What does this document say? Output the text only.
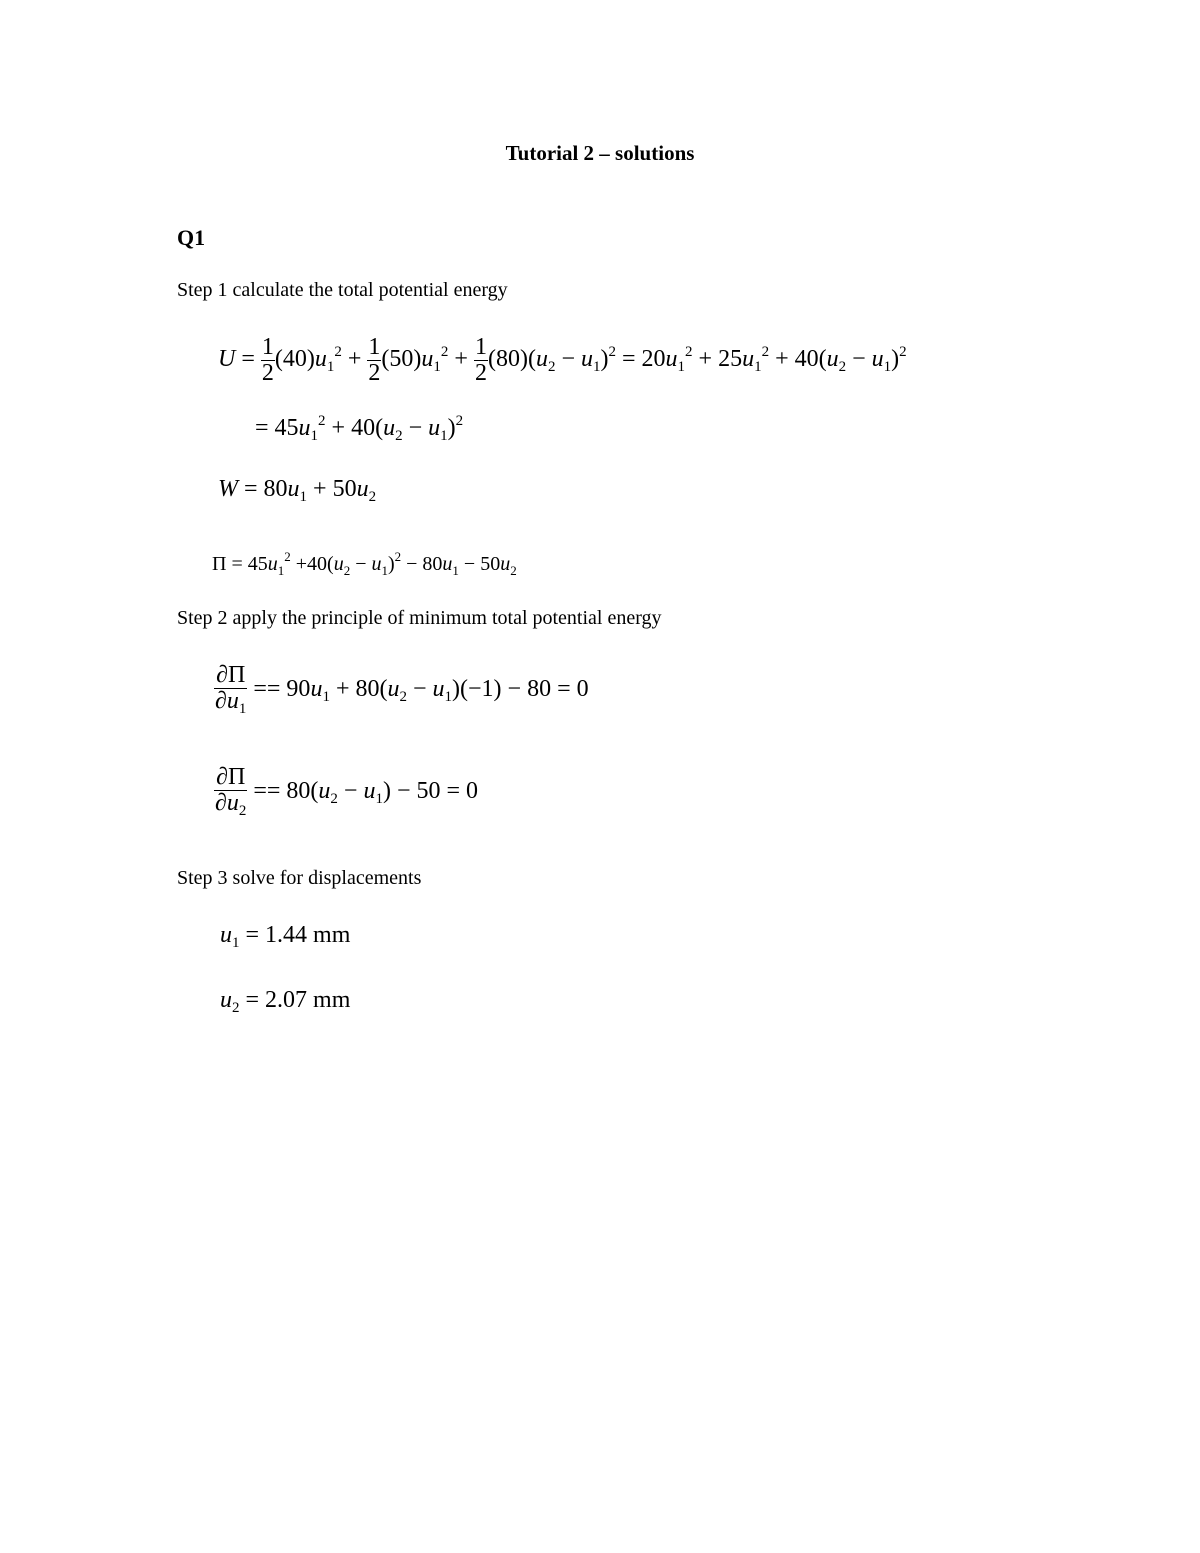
Tutorial 2 – solutions
Q1
Step 1 calculate the total potential energy
$U = \frac{1}{2} (40)u_1^2 + \frac{1}{2} (50)u_1^2 + \frac{1}{2} (80)(u_2 - u_1)^2 = 20u_1^2 + 25u_1^2 + 40(u_2 - u_1)^2$
= $45u_1^2 + 40(u_2 - u_1)^2$
$W = 80u_1 + 50u_2$
$\Pi = 45u_1^2 +40(u_2 - u_1)^2 - 80u_1 - 50u_2$
Step 2 apply the principle of minimum total potential energy
$\frac{\partial\Pi}{\partial u_1} == 90u_1 + 80(u_2 - u_1)(-1) - 80 = 0$
$\frac{\partial\Pi}{\partial u_2} == 80(u_2 - u_1) - 50 = 0$
Step 3 solve for displacements
$u_1 = 1.44$ mm
$u_2 = 2.07$ mm
